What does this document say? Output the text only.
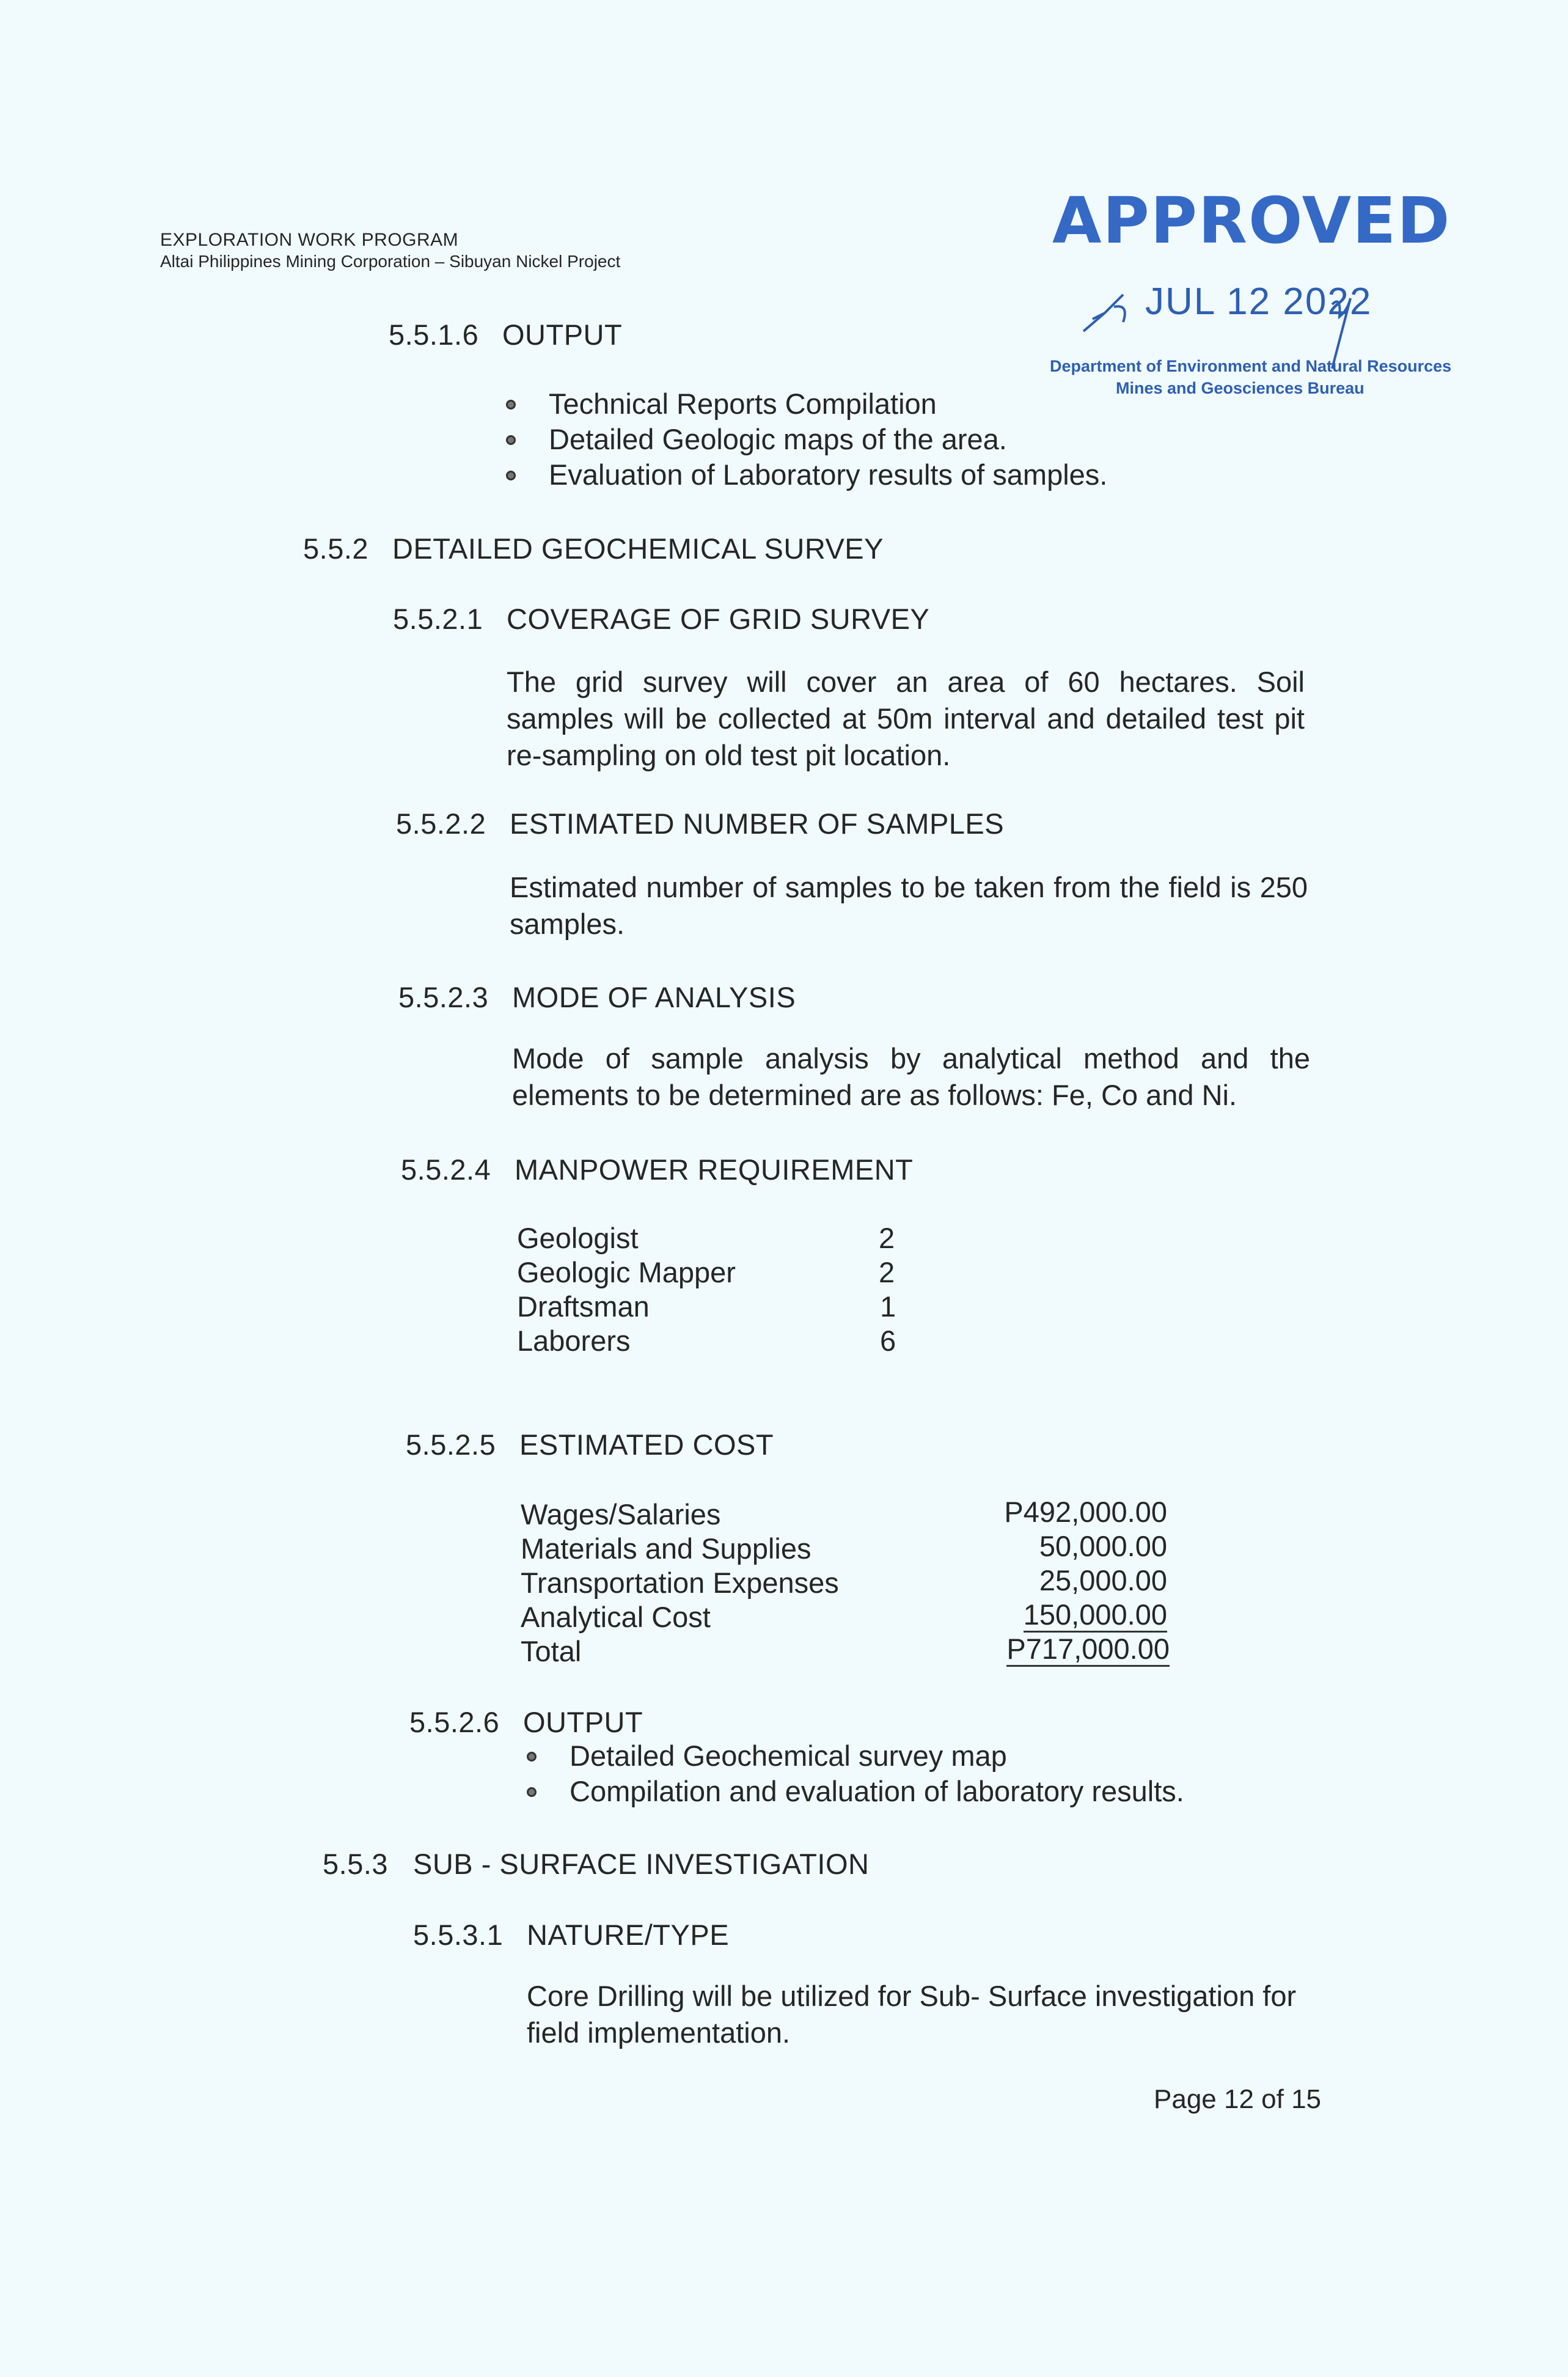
EXPLORATION WORK PROGRAM
Altai Philippines Mining Corporation – Sibuyan Nickel Project
APPROVED
JUL 12 2022
Department of Environment and Natural Resources
Mines and Geosciences Bureau
5.5.1.6 OUTPUT
Technical Reports Compilation
Detailed Geologic maps of the area.
Evaluation of Laboratory results of samples.
5.5.2 DETAILED GEOCHEMICAL SURVEY
5.5.2.1 COVERAGE OF GRID SURVEY
The grid survey will cover an area of 60 hectares. Soil samples will be collected at 50m interval and detailed test pit re-sampling on old test pit location.
5.5.2.2 ESTIMATED NUMBER OF SAMPLES
Estimated number of samples to be taken from the field is 250 samples.
5.5.2.3 MODE OF ANALYSIS
Mode of sample analysis by analytical method and the elements to be determined are as follows: Fe, Co and Ni.
5.5.2.4 MANPOWER REQUIREMENT
Geologist	2
Geologic Mapper	2
Draftsman	1
Laborers	6
5.5.2.5 ESTIMATED COST
Wages/Salaries	P492,000.00
Materials and Supplies	50,000.00
Transportation Expenses	25,000.00
Analytical Cost	150,000.00
Total	P717,000.00
5.5.2.6 OUTPUT
Detailed Geochemical survey map
Compilation and evaluation of laboratory results.
5.5.3 SUB - SURFACE INVESTIGATION
5.5.3.1 NATURE/TYPE
Core Drilling will be utilized for Sub- Surface investigation for field implementation.
Page 12 of 15
